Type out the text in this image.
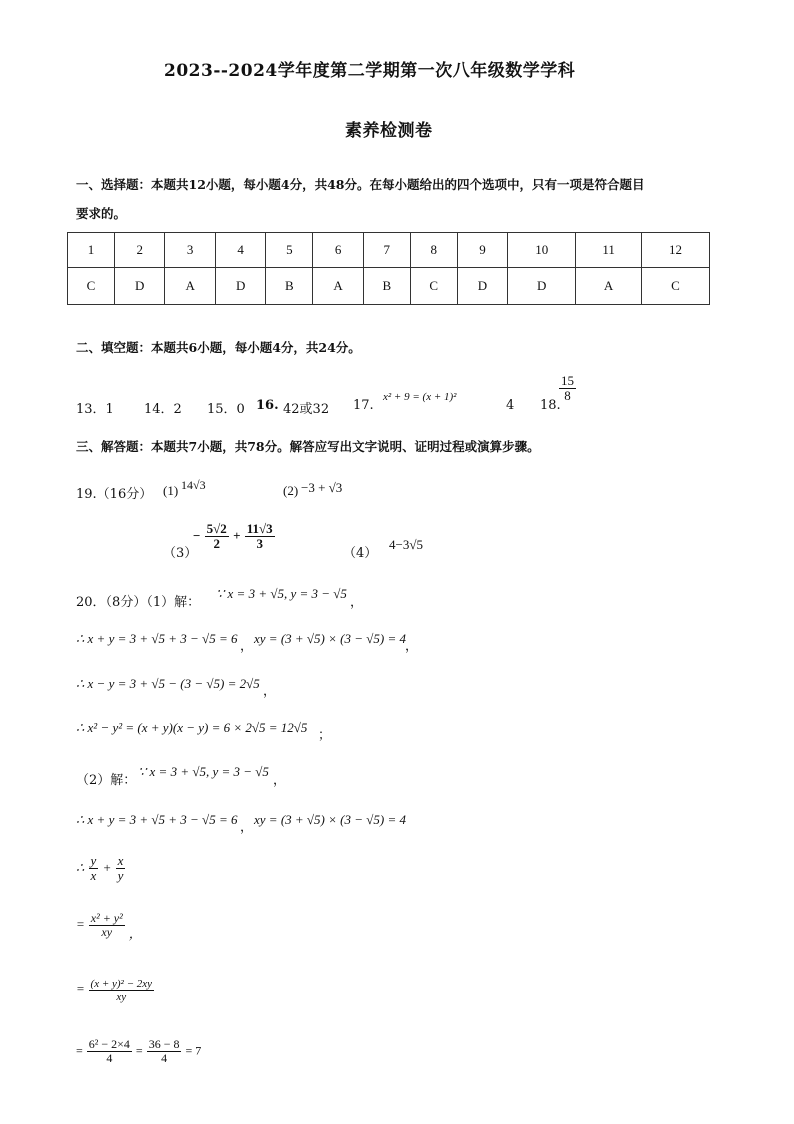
2023--2024学年度第二学期第一次八年级数学学科
素养检测卷
一、选择题：本题共12小题，每小题4分，共48分。在每小题给出的四个选项中，只有一项是符合题目
要求的。
1	2	3	4	5	6	7	8	9	10	11	12
C	D	A	D	B	A	B	C	D	D	A	C
二、填空题：本题共6小题，每小题4分，共24分。
13．1 14．2 15．0 16. 42或32 17.
x² + 9 = (x + 1)²
4 18.
$\frac{15}{8}$
三、解答题：本题共7小题，共78分。解答应写出文字说明、证明过程或演算步骤。
19.（16分） (1) 14√3	(2) −3 + √3
（3）
− $\frac{5√2}{2} + \frac{11√3}{3}$
（4）
4−3√5
20．（8分）（1）解：
∵ x = 3 + √5, y = 3 − √5
，
∴ x + y = 3 + √5 + 3 − √5 = 6
，
xy = (3 + √5) × (3 − √5) = 4
，
∴ x − y = 3 + √5 − (3 − √5) = 2√5
，
∴ x² − y² = (x + y)(x − y) = 6 × 2√5 = 12√5
；
（2）解：
∵ x = 3 + √5, y = 3 − √5
，
∴ x + y = 3 + √5 + 3 − √5 = 6
，
xy = (3 + √5) × (3 − √5) = 4
∴ $\frac{y}{x} + \frac{x}{y}$
= $\frac{\text{x² + y²}}{xy}$ ，
= $\frac{\text{(x + y)² − 2xy}}{xy}$
= $\frac{\text{6² − 2×4}}{4} = \frac{36 - 8}{4} = 7$
